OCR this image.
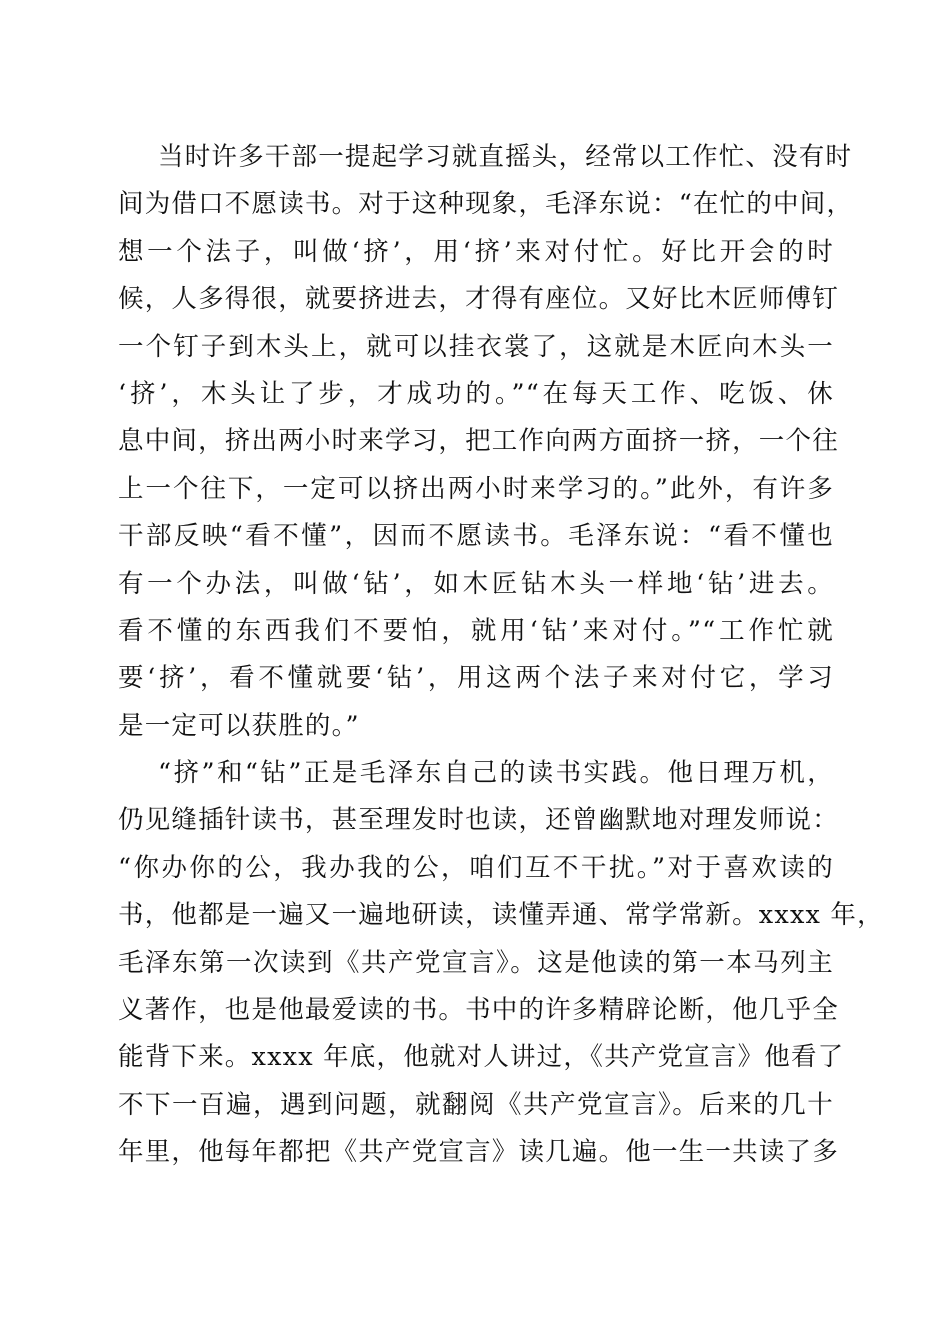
当时许多干部一提起学习就直摇头，经常以工作忙、没有时
间为借口不愿读书。对于这种现象，毛泽东说：“在忙的中间，
想一个法子，叫做‘挤’，用‘挤’来对付忙。好比开会的时
候，人多得很，就要挤进去，才得有座位。又好比木匠师傅钉
一个钉子到木头上，就可以挂衣裳了，这就是木匠向木头一
‘挤’，木头让了步，才成功的。”“在每天工作、吃饭、休
息中间，挤出两小时来学习，把工作向两方面挤一挤，一个往
上一个往下，一定可以挤出两小时来学习的。”此外，有许多
干部反映“看不懂”，因而不愿读书。毛泽东说：“看不懂也
有一个办法，叫做‘钻’，如木匠钻木头一样地‘钻’进去。
看不懂的东西我们不要怕，就用‘钻’来对付。”“工作忙就
要‘挤’，看不懂就要‘钻’，用这两个法子来对付它，学习
是一定可以获胜的。”
“挤”和“钻”正是毛泽东自己的读书实践。他日理万机，
仍见缝插针读书，甚至理发时也读，还曾幽默地对理发师说：
“你办你的公，我办我的公，咱们互不干扰。”对于喜欢读的
书，他都是一遍又一遍地研读，读懂弄通、常学常新。xxxx 年，
毛泽东第一次读到《共产党宣言》。这是他读的第一本马列主
义著作，也是他最爱读的书。书中的许多精辟论断，他几乎全
能背下来。xxxx 年底，他就对人讲过，《共产党宣言》他看了
不下一百遍，遇到问题，就翻阅《共产党宣言》。后来的几十
年里，他每年都把《共产党宣言》读几遍。他一生一共读了多
